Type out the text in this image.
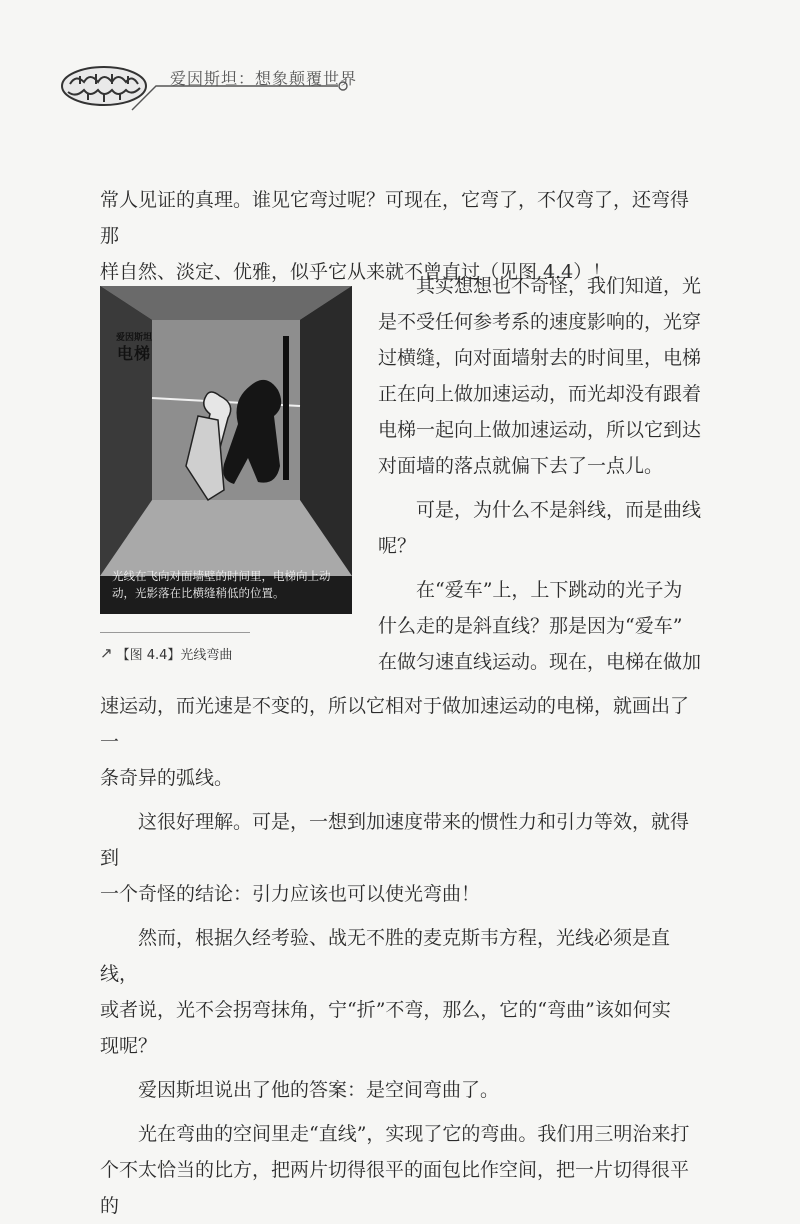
爱因斯坦：想象颠覆世界

常人见证的真理。谁见它弯过呢？可现在，它弯了，不仅弯了，还弯得那

样自然、淡定、优雅，似乎它从来就不曾直过（见图 4.4）！

爱因斯坦
电梯
光线在飞向对面墙壁的时间里，电梯向上动动，光影落在比横缝稍低的位置。
↗ 【图 4.4】光线弯曲

其实想想也不奇怪，我们知道，光

是不受任何参考系的速度影响的，光穿

过横缝，向对面墙射去的时间里，电梯

正在向上做加速运动，而光却没有跟着

电梯一起向上做加速运动，所以它到达

对面墙的落点就偏下去了一点儿。

可是，为什么不是斜线，而是曲线

呢？

在“爱车”上，上下跳动的光子为

什么走的是斜直线？那是因为“爱车”

在做匀速直线运动。现在，电梯在做加

速运动，而光速是不变的，所以它相对于做加速运动的电梯，就画出了一

条奇异的弧线。

这很好理解。可是，一想到加速度带来的惯性力和引力等效，就得到

一个奇怪的结论：引力应该也可以使光弯曲！

然而，根据久经考验、战无不胜的麦克斯韦方程，光线必须是直线，

或者说，光不会拐弯抹角，宁“折”不弯，那么，它的“弯曲”该如何实

现呢？

爱因斯坦说出了他的答案：是空间弯曲了。

光在弯曲的空间里走“直线”，实现了它的弯曲。我们用三明治来打

个不太恰当的比方，把两片切得很平的面包比作空间，把一片切得很平的
